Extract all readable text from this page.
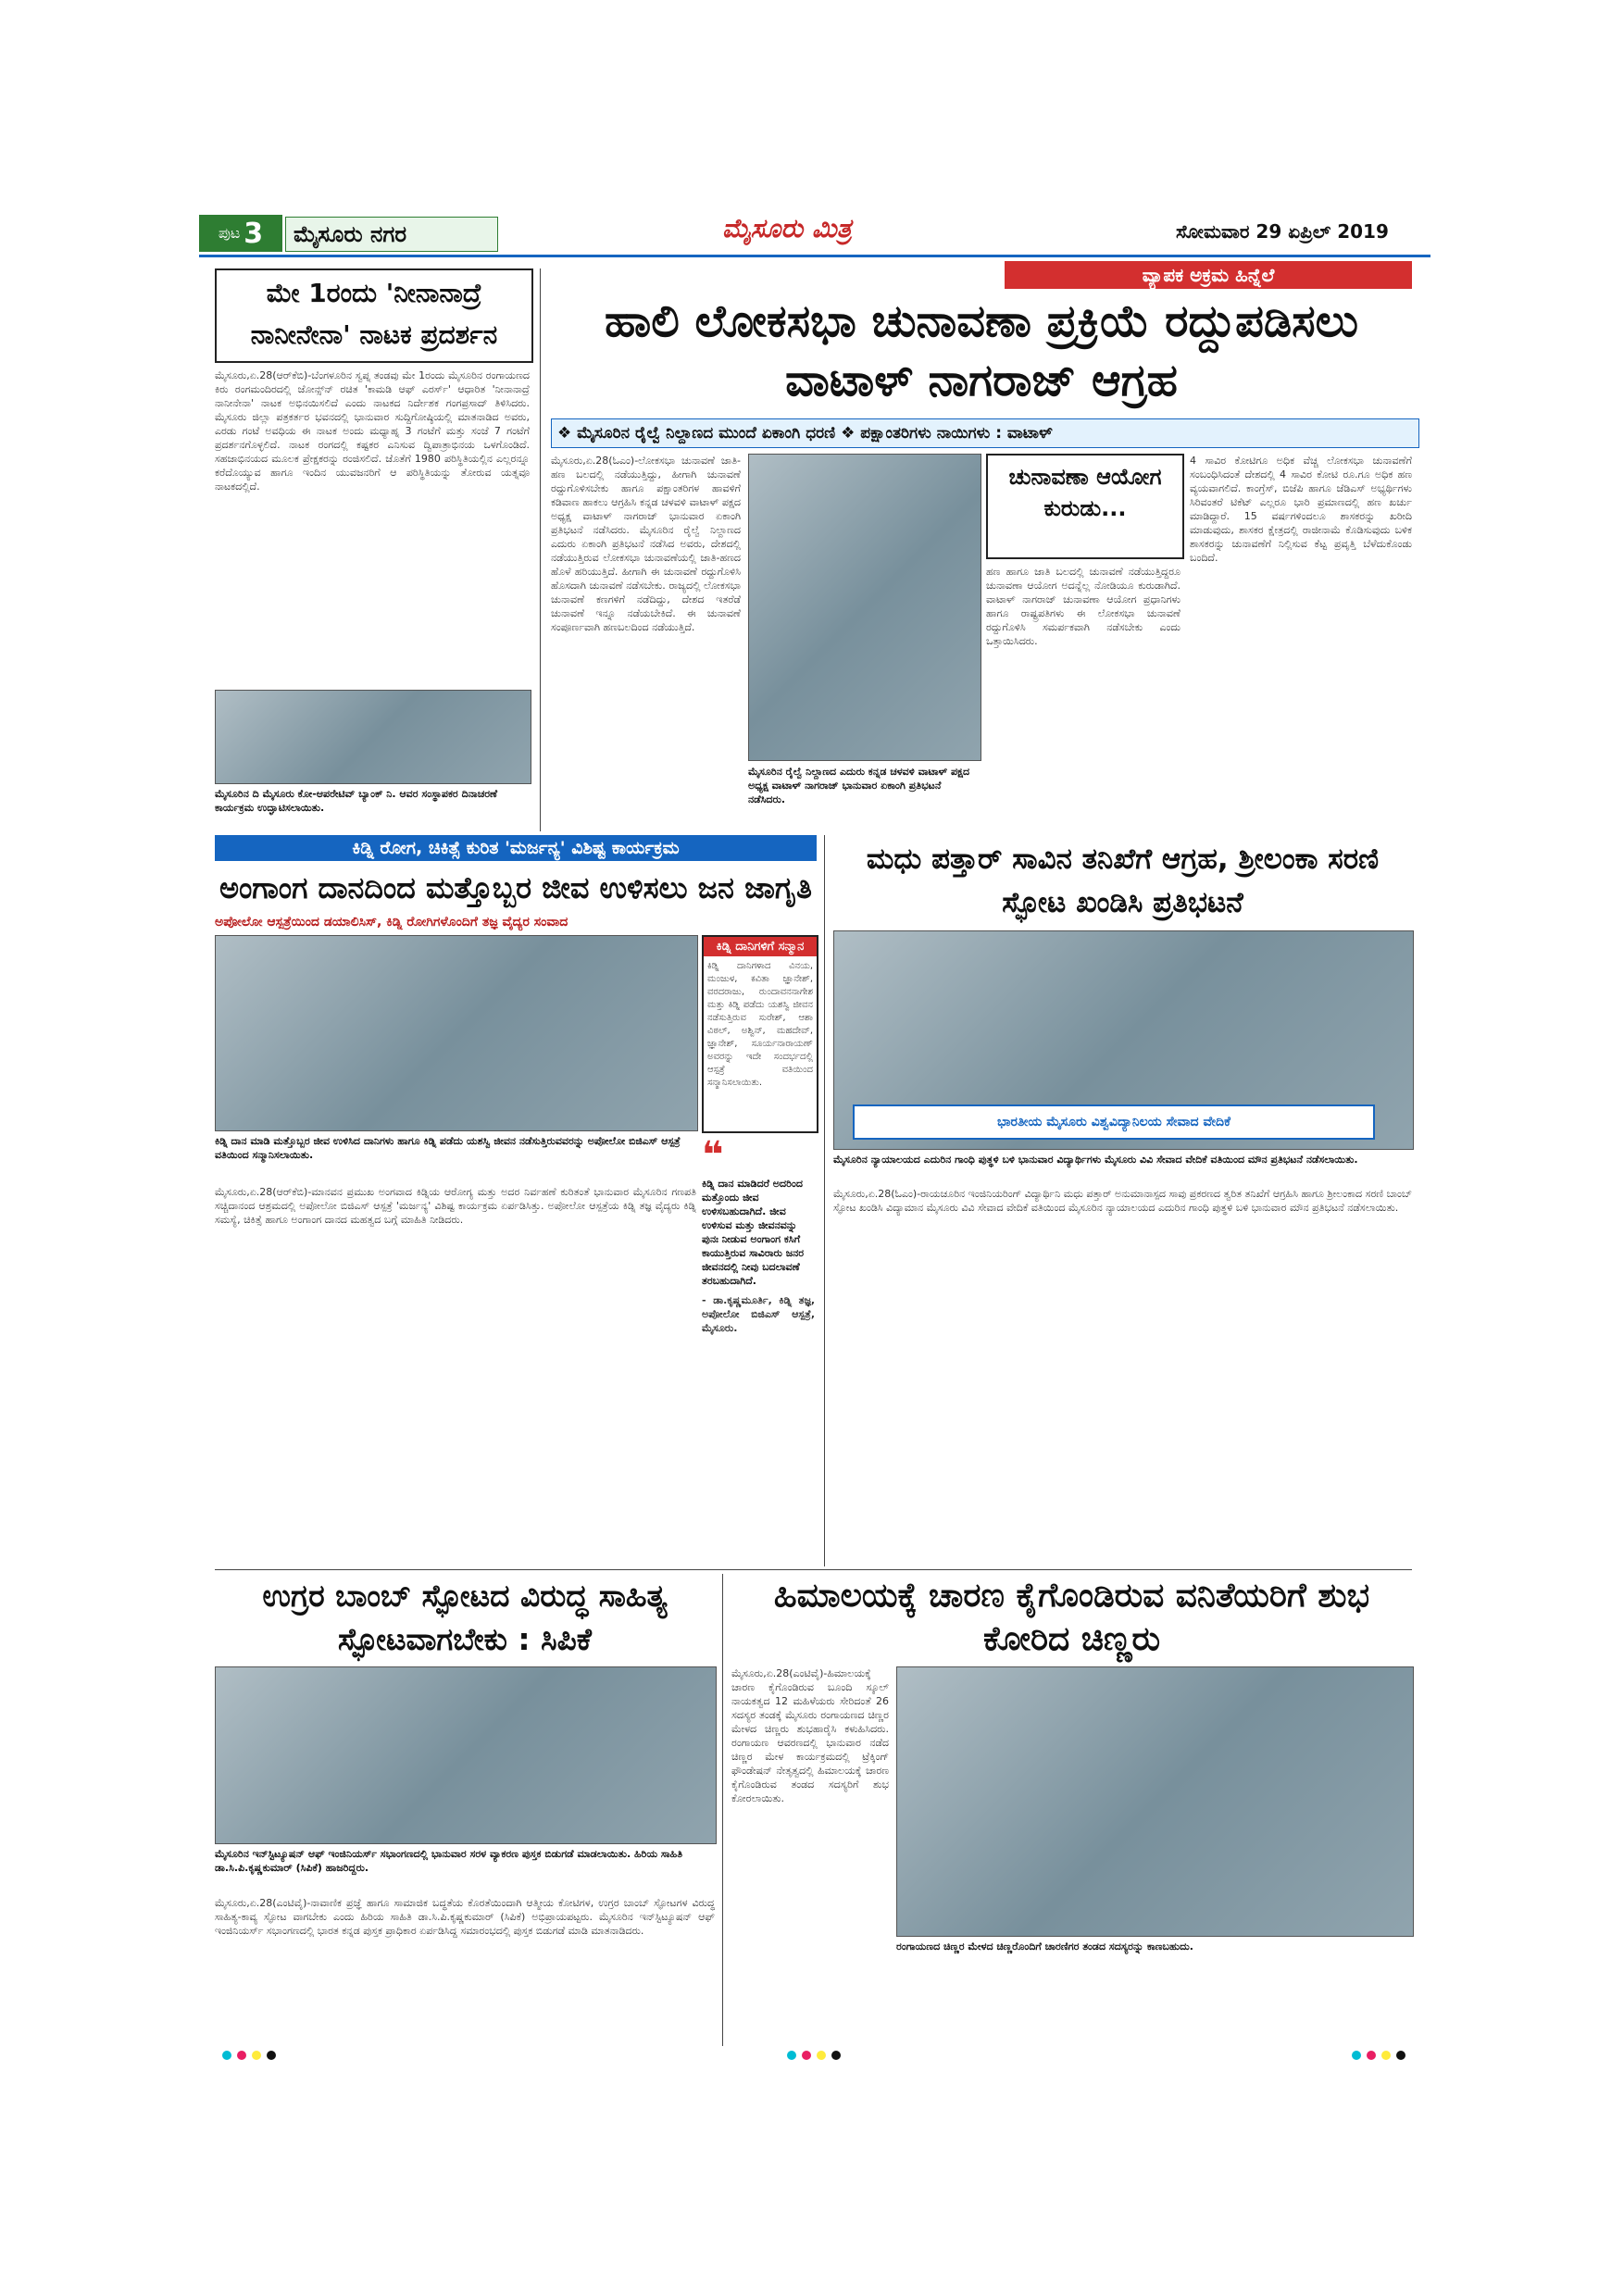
ಪುಟ 3	ಮೈಸೂರು ನಗರ	ಮೈಸೂರು ಮಿತ್ರ	ಸೋಮವಾರ 29 ಏಪ್ರಿಲ್ 2019
ಮೇ 1ರಂದು 'ನೀನಾನಾದ್ರೆ ನಾನೀನೇನಾ' ನಾಟಕ ಪ್ರದರ್ಶನ
ಮೈಸೂರು,ಏ.28(ಆರ್‌ಕೆಬಿ)-ಬೆಂಗಳೂರಿನ ಸ್ವಪ್ನ ತಂಡವು ಮೇ 1ರಂದು ಮೈಸೂರಿನ ರಂಗಾಯಣದ ಕಿರು ರಂಗಮಂದಿರದಲ್ಲಿ ಜೋನ್ಸ್‌ನ್ ರಚಿತ 'ಕಾಮಡಿ ಆಫ್ ಎರರ್ಸ್' ಆಧಾರಿತ 'ನೀನಾನಾದ್ರೆ ನಾನೀನೇನಾ' ನಾಟಕ ಅಭಿನಯಿಸಲಿದೆ ಎಂದು ನಾಟಕದ ನಿರ್ದೇಶಕ ಗಂಗಪ್ರಸಾದ್ ತಿಳಿಸಿದರು. ಮೈಸೂರು ಜಿಲ್ಲಾ ಪತ್ರಕರ್ತರ ಭವನದಲ್ಲಿ ಭಾನುವಾರ ಸುದ್ದಿಗೋಷ್ಠಿಯಲ್ಲಿ ಮಾತನಾಡಿದ ಅವರು, ಎರಡು ಗಂಟೆ ಅವಧಿಯ ಈ ನಾಟಕ ಅಂದು ಮಧ್ಯಾಹ್ನ 3 ಗಂಟೆಗೆ ಮತ್ತು ಸಂಜೆ 7 ಗಂಟೆಗೆ ಪ್ರದರ್ಶನಗೊಳ್ಳಲಿದೆ. ನಾಟಕ ರಂಗದಲ್ಲಿ ಕಷ್ಟಕರ ಎನಿಸುವ ದ್ವಿಪಾತ್ರಾಭಿನಯ ಒಳಗೊಂಡಿದೆ. ಸಹಜಾಭಿನಯದ ಮೂಲಕ ಪ್ರೇಕ್ಷಕರನ್ನು ರಂಜಿಸಲಿದೆ. ಜೊತೆಗೆ 1980 ಪರಿಸ್ಥಿತಿಯಲ್ಲಿನ ಎಲ್ಲರನ್ನೂ ಕರೆದೊಯ್ಯುವ ಹಾಗೂ ಇಂದಿನ ಯುವಜನರಿಗೆ ಆ ಪರಿಸ್ಥಿತಿಯನ್ನು ತೋರುವ ಯತ್ನವೂ ನಾಟಕದಲ್ಲಿದೆ.
ಮೈಸೂರಿನ ದಿ ಮೈಸೂರು ಕೋ-ಆಪರೇಟಿವ್ ಬ್ಯಾಂಕ್ ನಿ. ಆವರ ಸಂಸ್ಥಾಪಕರ ದಿನಾಚರಣೆ ಕಾರ್ಯಕ್ರಮ ಉದ್ಘಾಟಿಸಲಾಯಿತು.
ವ್ಯಾಪಕ ಅಕ್ರಮ ಹಿನ್ನೆಲೆ
ಹಾಲಿ ಲೋಕಸಭಾ ಚುನಾವಣಾ ಪ್ರಕ್ರಿಯೆ ರದ್ದುಪಡಿಸಲು ವಾಟಾಳ್ ನಾಗರಾಜ್ ಆಗ್ರಹ
❖ ಮೈಸೂರಿನ ರೈಲ್ವೆ ನಿಲ್ದಾಣದ ಮುಂದೆ ಏಕಾಂಗಿ ಧರಣಿ ❖ ಪಕ್ಷಾಂತರಿಗಳು ನಾಯಿಗಳು : ವಾಟಾಳ್
ಮೈಸೂರು,ಏ.28(ಓಎಂ)-ಲೋಕಸಭಾ ಚುನಾವಣೆ ಜಾತಿ-ಹಣ ಬಲದಲ್ಲಿ ನಡೆಯುತ್ತಿದ್ದು, ಹೀಗಾಗಿ ಚುನಾವಣೆ ರದ್ದುಗೊಳಿಸಬೇಕು ಹಾಗೂ ಪಕ್ಷಾಂತರಿಗಳ ಹಾವಳಿಗೆ ಕಡಿವಾಣ ಹಾಕಲು ಆಗ್ರಹಿಸಿ ಕನ್ನಡ ಚಳವಳಿ ವಾಟಾಳ್ ಪಕ್ಷದ ಅಧ್ಯಕ್ಷ ವಾಟಾಳ್ ನಾಗರಾಜ್ ಭಾನುವಾರ ಏಕಾಂಗಿ ಪ್ರತಿಭಟನೆ ನಡೆಸಿದರು. ಮೈಸೂರಿನ ರೈಲ್ವೆ ನಿಲ್ದಾಣದ ಎದುರು ಏಕಾಂಗಿ ಪ್ರತಿಭಟನೆ ನಡೆಸಿದ ಅವರು, ದೇಶದಲ್ಲಿ ನಡೆಯುತ್ತಿರುವ ಲೋಕಸಭಾ ಚುನಾವಣೆಯಲ್ಲಿ ಜಾತಿ-ಹಣದ ಹೊಳೆ ಹರಿಯುತ್ತಿದೆ. ಹೀಗಾಗಿ ಈ ಚುನಾವಣೆ ರದ್ದುಗೊಳಿಸಿ ಹೊಸದಾಗಿ ಚುನಾವಣೆ ನಡೆಸಬೇಕು. ರಾಜ್ಯದಲ್ಲಿ ಲೋಕಸಭಾ ಚುನಾವಣೆ ಕಣಗಳಿಗೆ ನಡೆದಿದ್ದು, ದೇಶದ ಇತರೆಡೆ ಚುನಾವಣೆ ಇನ್ನೂ ನಡೆಯಬೇಕಿದೆ. ಈ ಚುನಾವಣೆ ಸಂಪೂರ್ಣವಾಗಿ ಹಣಬಲದಿಂದ ನಡೆಯುತ್ತಿದೆ.
ಮೈಸೂರಿನ ರೈಲ್ವೆ ನಿಲ್ದಾಣದ ಎದುರು ಕನ್ನಡ ಚಳವಳಿ ವಾಟಾಳ್ ಪಕ್ಷದ ಅಧ್ಯಕ್ಷ ವಾಟಾಳ್ ನಾಗರಾಜ್ ಭಾನುವಾರ ಏಕಾಂಗಿ ಪ್ರತಿಭಟನೆ ನಡೆಸಿದರು.
ಚುನಾವಣಾ ಆಯೋಗ ಕುರುಡು...
ಹಣ ಹಾಗೂ ಜಾತಿ ಬಲದಲ್ಲಿ ಚುನಾವಣೆ ನಡೆಯುತ್ತಿದ್ದರೂ ಚುನಾವಣಾ ಆಯೋಗ ಅದನ್ನೆಲ್ಲ ನೋಡಿಯೂ ಕುರುಡಾಗಿದೆ. ವಾಟಾಳ್ ನಾಗರಾಜ್ ಚುನಾವಣಾ ಆಯೋಗ ಪ್ರಧಾನಿಗಳು ಹಾಗೂ ರಾಷ್ಟ್ರಪತಿಗಳು ಈ ಲೋಕಸಭಾ ಚುನಾವಣೆ ರದ್ದುಗೊಳಿಸಿ ಸಮರ್ಪಕವಾಗಿ ನಡೆಸಬೇಕು ಎಂದು ಒತ್ತಾಯಿಸಿದರು.
4 ಸಾವಿರ ಕೋಟಿಗೂ ಅಧಿಕ ವೆಚ್ಚ ಲೋಕಸಭಾ ಚುನಾವಣೆಗೆ ಸಂಬಂಧಿಸಿದಂತೆ ದೇಶದಲ್ಲಿ 4 ಸಾವಿರ ಕೋಟಿ ರೂ.ಗೂ ಅಧಿಕ ಹಣ ವ್ಯಯವಾಗಲಿದೆ. ಕಾಂಗ್ರೆಸ್, ಬಿಜೆಪಿ ಹಾಗೂ ಜೆಡಿಎಸ್ ಅಭ್ಯರ್ಥಿಗಳು ಸಿರಿವಂತರೆ ಟಿಕೆಟ್ ಎಲ್ಲರೂ ಭಾರಿ ಪ್ರಮಾಣದಲ್ಲಿ ಹಣ ಖರ್ಚು ಮಾಡಿದ್ದಾರೆ. 15 ವರ್ಷಗಳಿಂದಲೂ ಶಾಸಕರನ್ನು ಖರೀದಿ ಮಾಡುವುದು, ಶಾಸಕರ ಕ್ಷೇತ್ರದಲ್ಲಿ ರಾಜೀನಾಮೆ ಕೊಡಿಸುವುದು ಬಳಿಕ ಶಾಸಕರನ್ನು ಚುನಾವಣೆಗೆ ನಿಲ್ಲಿಸುವ ಕೆಟ್ಟ ಪ್ರವೃತ್ತಿ ಬೆಳೆದುಕೊಂಡು ಬಂದಿದೆ.
ಕಿಡ್ನಿ ರೋಗ, ಚಿಕಿತ್ಸೆ ಕುರಿತ 'ಮರ್ಜನ್ಯ' ವಿಶಿಷ್ಟ ಕಾರ್ಯಕ್ರಮ
ಅಂಗಾಂಗ ದಾನದಿಂದ ಮತ್ತೊಬ್ಬರ ಜೀವ ಉಳಿಸಲು ಜನ ಜಾಗೃತಿ
ಅಪೋಲೋ ಆಸ್ಪತ್ರೆಯಿಂದ ಡಯಾಲಿಸಿಸ್, ಕಿಡ್ನಿ ರೋಗಿಗಳೊಂದಿಗೆ ತಜ್ಞ ವೈದ್ಯರ ಸಂವಾದ
ಕಿಡ್ನಿ ದಾನಿಗಳಿಗೆ ಸನ್ಮಾನ
ಕಿಡ್ನಿ ದಾನಿಗಳಾದ ವಿನಯ, ಮಂಜುಳ, ಕವಿತಾ ಜ್ಞಾನೇಶ್, ವರದರಾಜು, ರುಂದಾವನನಾಗೇಶ ಮತ್ತು ಕಿಡ್ನಿ ಪಡೆದು ಯಶಸ್ವಿ ಜೀವನ ನಡೆಸುತ್ತಿರುವ ಸುರೇಶ್, ಆಶಾ ವಿಠಲ್, ಅಶ್ವಿನ್, ಮಹದೇವ್, ಜ್ಞಾನೇಶ್, ಸೂರ್ಯನಾರಾಯಣ್ ಅವರನ್ನು ಇದೇ ಸಂದರ್ಭದಲ್ಲಿ ಆಸ್ಪತ್ರೆ ವತಿಯಿಂದ ಸನ್ಮಾನಿಸಲಾಯಿತು.
ಕಿಡ್ನಿ ದಾನ ಮಾಡಿ ಮತ್ತೊಬ್ಬರ ಜೀವ ಉಳಿಸಿದ ದಾನಿಗಳು ಹಾಗೂ ಕಿಡ್ನಿ ಪಡೆದು ಯಶಸ್ವಿ ಜೀವನ ನಡೆಸುತ್ತಿರುವವರನ್ನು ಅಪೋಲೋ ಬಿಜಿಎಸ್ ಆಸ್ಪತ್ರೆ ವತಿಯಿಂದ ಸನ್ಮಾನಿಸಲಾಯಿತು.
ಮೈಸೂರು,ಏ.28(ಆರ್‌ಕೆಬಿ)-ಮಾನವನ ಪ್ರಮುಖ ಅಂಗವಾದ ಕಿಡ್ನಿಯ ಆರೋಗ್ಯ ಮತ್ತು ಅದರ ನಿರ್ವಹಣೆ ಕುರಿತಂತೆ ಭಾನುವಾರ ಮೈಸೂರಿನ ಗಣಪತಿ ಸಚ್ಚಿದಾನಂದ ಆಶ್ರಮದಲ್ಲಿ ಅಪೋಲೋ ಬಿಜಿಎಸ್ ಆಸ್ಪತ್ರೆ 'ಮರ್ಜನ್ಯ' ವಿಶಿಷ್ಟ ಕಾರ್ಯಕ್ರಮ ಏರ್ಪಡಿಸಿತ್ತು. ಅಪೋಲೋ ಆಸ್ಪತ್ರೆಯ ಕಿಡ್ನಿ ತಜ್ಞ ವೈದ್ಯರು ಕಿಡ್ನಿ ಸಮಸ್ಯೆ, ಚಿಕಿತ್ಸೆ ಹಾಗೂ ಅಂಗಾಂಗ ದಾನದ ಮಹತ್ವದ ಬಗ್ಗೆ ಮಾಹಿತಿ ನೀಡಿದರು.
❝
ಕಿಡ್ನಿ ದಾನ ಮಾಡಿದರೆ ಅದರಿಂದ ಮತ್ತೊಂದು ಜೀವ ಉಳಿಸಬಹುದಾಗಿದೆ. ಜೀವ ಉಳಿಸುವ ಮತ್ತು ಜೀವನವನ್ನು ಪುನಃ ನೀಡುವ ಅಂಗಾಂಗ ಕಸಿಗೆ ಕಾಯುತ್ತಿರುವ ಸಾವಿರಾರು ಜನರ ಜೀವನದಲ್ಲಿ ನೀವು ಬದಲಾವಣೆ ತರಬಹುದಾಗಿದೆ.
- ಡಾ.ಕೃಷ್ಣಮೂರ್ತಿ, ಕಿಡ್ನಿ ತಜ್ಞ, ಅಪೋಲೋ ಬಿಜಿಎಸ್ ಆಸ್ಪತ್ರೆ, ಮೈಸೂರು.
ಮಧು ಪತ್ತಾರ್ ಸಾವಿನ ತನಿಖೆಗೆ ಆಗ್ರಹ, ಶ್ರೀಲಂಕಾ ಸರಣಿ ಸ್ಫೋಟ ಖಂಡಿಸಿ ಪ್ರತಿಭಟನೆ
ಭಾರತೀಯ ಮೈಸೂರು ವಿಶ್ವವಿದ್ಯಾನಿಲಯ ಸೇವಾದ ವೇದಿಕೆ
ಮೈಸೂರಿನ ನ್ಯಾಯಾಲಯದ ಎದುರಿನ ಗಾಂಧಿ ಪುತ್ಥಳಿ ಬಳಿ ಭಾನುವಾರ ವಿದ್ಯಾರ್ಥಿಗಳು ಮೈಸೂರು ವಿವಿ ಸೇವಾದ ವೇದಿಕೆ ವತಿಯಿಂದ ಮೌನ ಪ್ರತಿಭಟನೆ ನಡೆಸಲಾಯಿತು.
ಮೈಸೂರು,ಏ.28(ಓಎಂ)-ರಾಯಚೂರಿನ ಇಂಜಿನಿಯರಿಂಗ್ ವಿದ್ಯಾರ್ಥಿನಿ ಮಧು ಪತ್ತಾರ್ ಅನುಮಾನಾಸ್ಪದ ಸಾವು ಪ್ರಕರಣದ ತ್ವರಿತ ತನಿಖೆಗೆ ಆಗ್ರಹಿಸಿ ಹಾಗೂ ಶ್ರೀಲಂಕಾದ ಸರಣಿ ಬಾಂಬ್ ಸ್ಫೋಟ ಖಂಡಿಸಿ ವಿದ್ಯಾಮಾನ ಮೈಸೂರು ವಿವಿ ಸೇವಾದ ವೇದಿಕೆ ವತಿಯಿಂದ ಮೈಸೂರಿನ ನ್ಯಾಯಾಲಯದ ಎದುರಿನ ಗಾಂಧಿ ಪುತ್ಥಳಿ ಬಳಿ ಭಾನುವಾರ ಮೌನ ಪ್ರತಿಭಟನೆ ನಡೆಸಲಾಯಿತು.
ಉಗ್ರರ ಬಾಂಬ್ ಸ್ಫೋಟದ ವಿರುದ್ಧ ಸಾಹಿತ್ಯ ಸ್ಫೋಟವಾಗಬೇಕು : ಸಿಪಿಕೆ
ಮೈಸೂರಿನ ಇನ್‌ಸ್ಟಿಟ್ಯೂಷನ್ ಆಫ್ ಇಂಜಿನಿಯರ್ಸ್ ಸಭಾಂಗಣದಲ್ಲಿ ಭಾನುವಾರ ಸರಳ ವ್ಯಾಕರಣ ಪುಸ್ತಕ ಬಿಡುಗಡೆ ಮಾಡಲಾಯಿತು. ಹಿರಿಯ ಸಾಹಿತಿ ಡಾ.ಸಿ.ಪಿ.ಕೃಷ್ಣಕುಮಾರ್ (ಸಿಪಿಕೆ) ಹಾಜರಿದ್ದರು.
ಮೈಸೂರು,ಏ.28(ಎಂಟಿವೈ)-ನಾವಾಣಿಕ ಪ್ರಜ್ಞೆ ಹಾಗೂ ಸಾಮಾಜಿಕ ಬದ್ಧತೆಯ ಕೊರತೆಯಿಂದಾಗಿ ಆತ್ಮೀಯ ಕೋಟಿಗಳ, ಉಗ್ರರ ಬಾಂಬ್ ಸ್ಫೋಟಗಳ ವಿರುದ್ಧ ಸಾಹಿತ್ಯ-ಕಾವ್ಯ ಸ್ಫೋಟ ವಾಗಬೇಕು ಎಂದು ಹಿರಿಯ ಸಾಹಿತಿ ಡಾ.ಸಿ.ಪಿ.ಕೃಷ್ಣಕುಮಾರ್ (ಸಿಪಿಕೆ) ಅಭಿಪ್ರಾಯಪಟ್ಟರು. ಮೈಸೂರಿನ ಇನ್‌ಸ್ಟಿಟ್ಯೂಷನ್ ಆಫ್ ಇಂಜಿನಿಯರ್ಸ್ ಸಭಾಂಗಣದಲ್ಲಿ ಭಾರತ ಕನ್ನಡ ಪುಸ್ತಕ ಪ್ರಾಧಿಕಾರ ಏರ್ಪಡಿಸಿದ್ದ ಸಮಾರಂಭದಲ್ಲಿ ಪುಸ್ತಕ ಬಿಡುಗಡೆ ಮಾಡಿ ಮಾತನಾಡಿದರು.
ಹಿಮಾಲಯಕ್ಕೆ ಚಾರಣ ಕೈಗೊಂಡಿರುವ ವನಿತೆಯರಿಗೆ ಶುಭ ಕೋರಿದ ಚಿಣ್ಣರು
ಮೈಸೂರು,ಏ.28(ಎಂಟಿವೈ)-ಹಿಮಾಲಯಕ್ಕೆ ಚಾರಣ ಕೈಗೊಂಡಿರುವ ಬೂಂದಿ ಸ್ಕೂಲ್ ನಾಯಕತ್ವದ 12 ಮಹಿಳೆಯರು ಸೇರಿದಂತೆ 26 ಸದಸ್ಯರ ತಂಡಕ್ಕೆ ಮೈಸೂರು ರಂಗಾಯಣದ ಚಿಣ್ಣರ ಮೇಳದ ಚಿಣ್ಣರು ಶುಭಹಾರೈಸಿ ಕಳುಹಿಸಿದರು. ರಂಗಾಯಣ ಆವರಣದಲ್ಲಿ ಭಾನುವಾರ ನಡೆದ ಚಿಣ್ಣರ ಮೇಳ ಕಾರ್ಯಕ್ರಮದಲ್ಲಿ ಟ್ರೆಕ್ಕಿಂಗ್ ಫೌಂಡೇಷನ್ ನೇತೃತ್ವದಲ್ಲಿ ಹಿಮಾಲಯಕ್ಕೆ ಚಾರಣ ಕೈಗೊಂಡಿರುವ ತಂಡದ ಸದಸ್ಯರಿಗೆ ಶುಭ ಕೋರಲಾಯಿತು.
ರಂಗಾಯಣದ ಚಿಣ್ಣರ ಮೇಳದ ಚಿಣ್ಣರೊಂದಿಗೆ ಚಾರಣಿಗರ ತಂಡದ ಸದಸ್ಯರನ್ನು ಕಾಣಬಹುದು.
